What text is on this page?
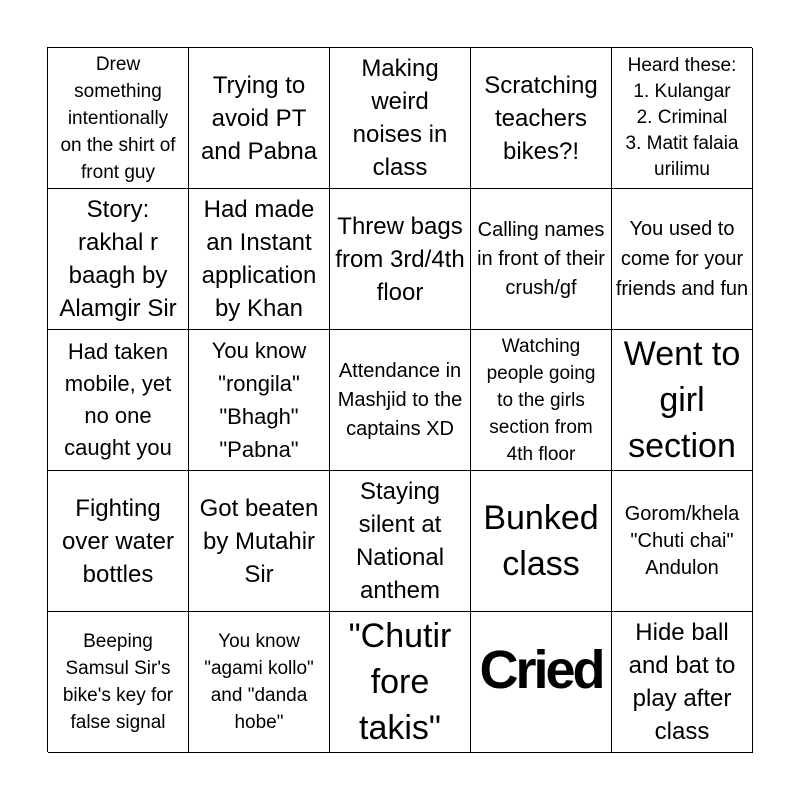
Drew something intentionally on the shirt of front guy
Trying to avoid PT and Pabna
Making weird noises in class
Scratching teachers bikes?!
Heard these:
1. Kulangar
2. Criminal
3. Matit falaia urilimu
Story: rakhal r baagh by Alamgir Sir
Had made an Instant application by Khan
Threw bags from 3rd/4th floor
Calling names in front of their crush/gf
You used to come for your friends and fun
Had taken mobile, yet no one caught you
You know "rongila" "Bhagh" "Pabna"
Attendance in Mashjid to the captains XD
Watching people going to the girls section from 4th floor
Went to girl section
Fighting over water bottles
Got beaten by Mutahir Sir
Staying silent at National anthem
Bunked class
Gorom/khela "Chuti chai" Andulon
Beeping Samsul Sir's bike's key for false signal
You know "agami kollo" and "danda hobe"
"Chutir fore takis"
Cried
Hide ball and bat to play after class
